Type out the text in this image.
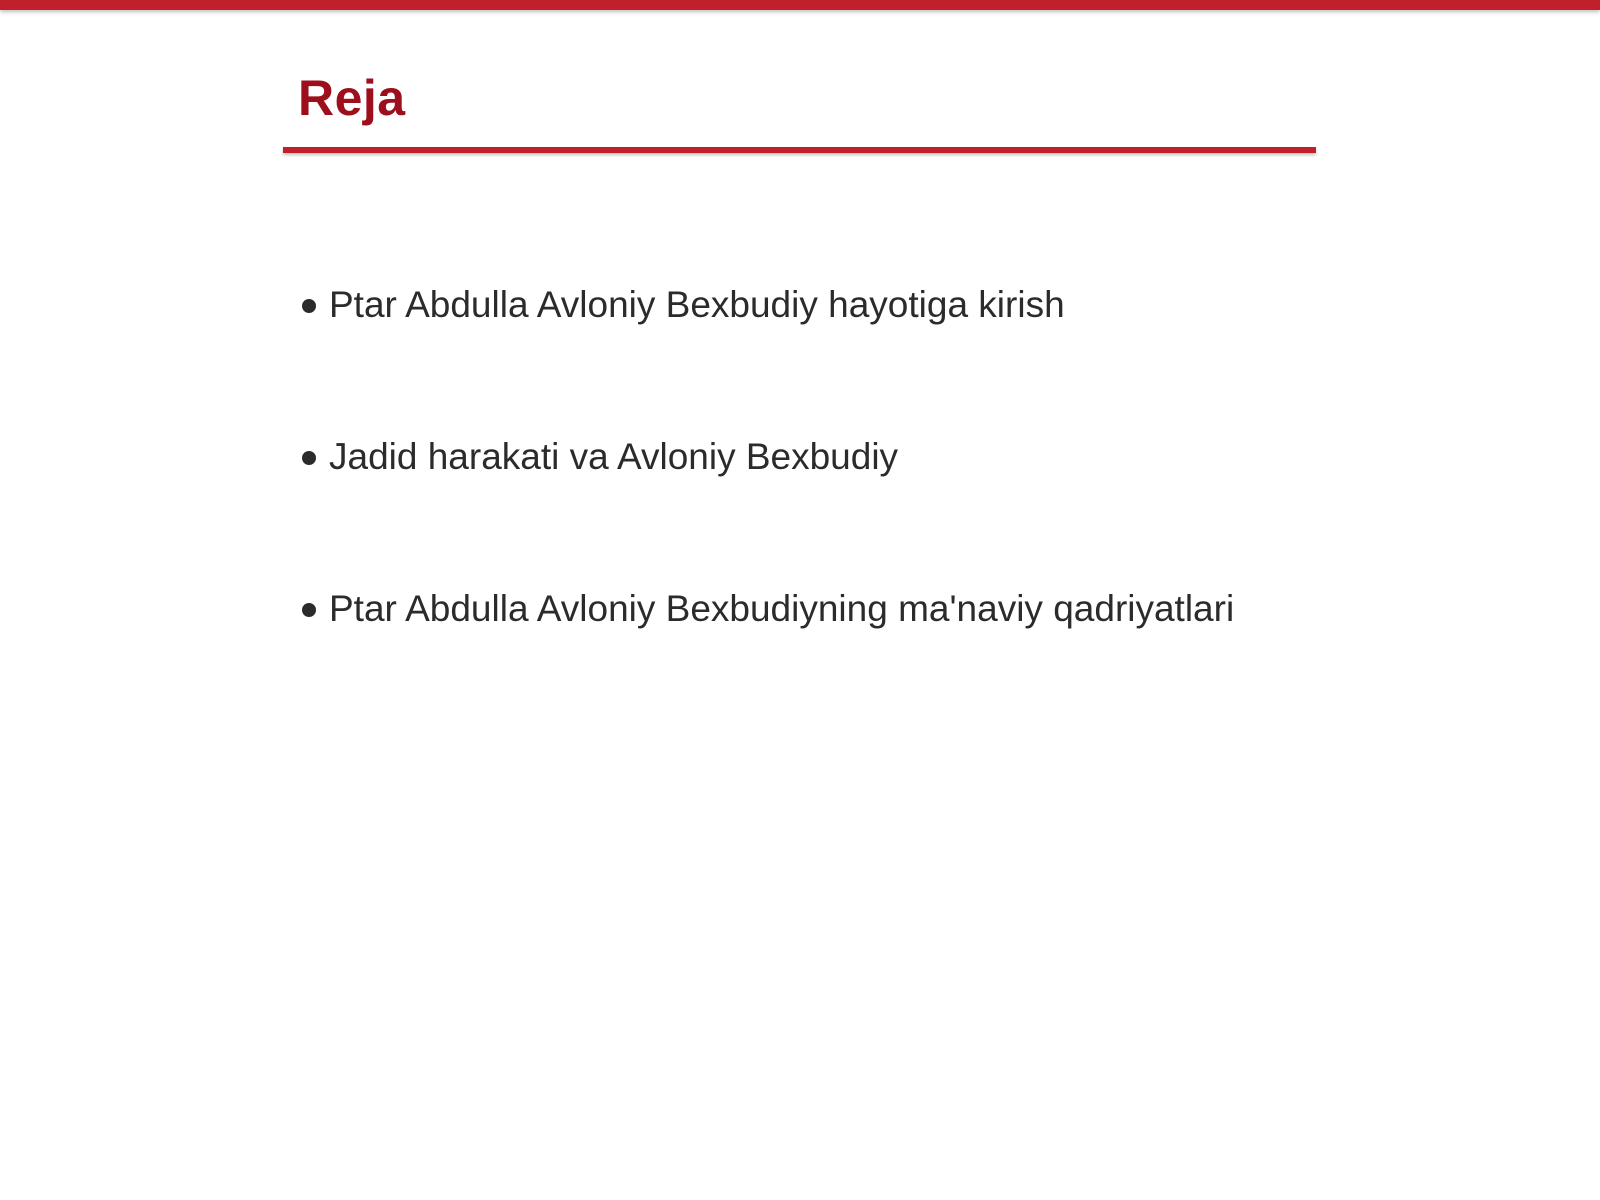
Reja
Ptar Abdulla Avloniy Bexbudiy hayotiga kirish
Jadid harakati va Avloniy Bexbudiy
Ptar Abdulla Avloniy Bexbudiyning ma'naviy qadriyatlari
